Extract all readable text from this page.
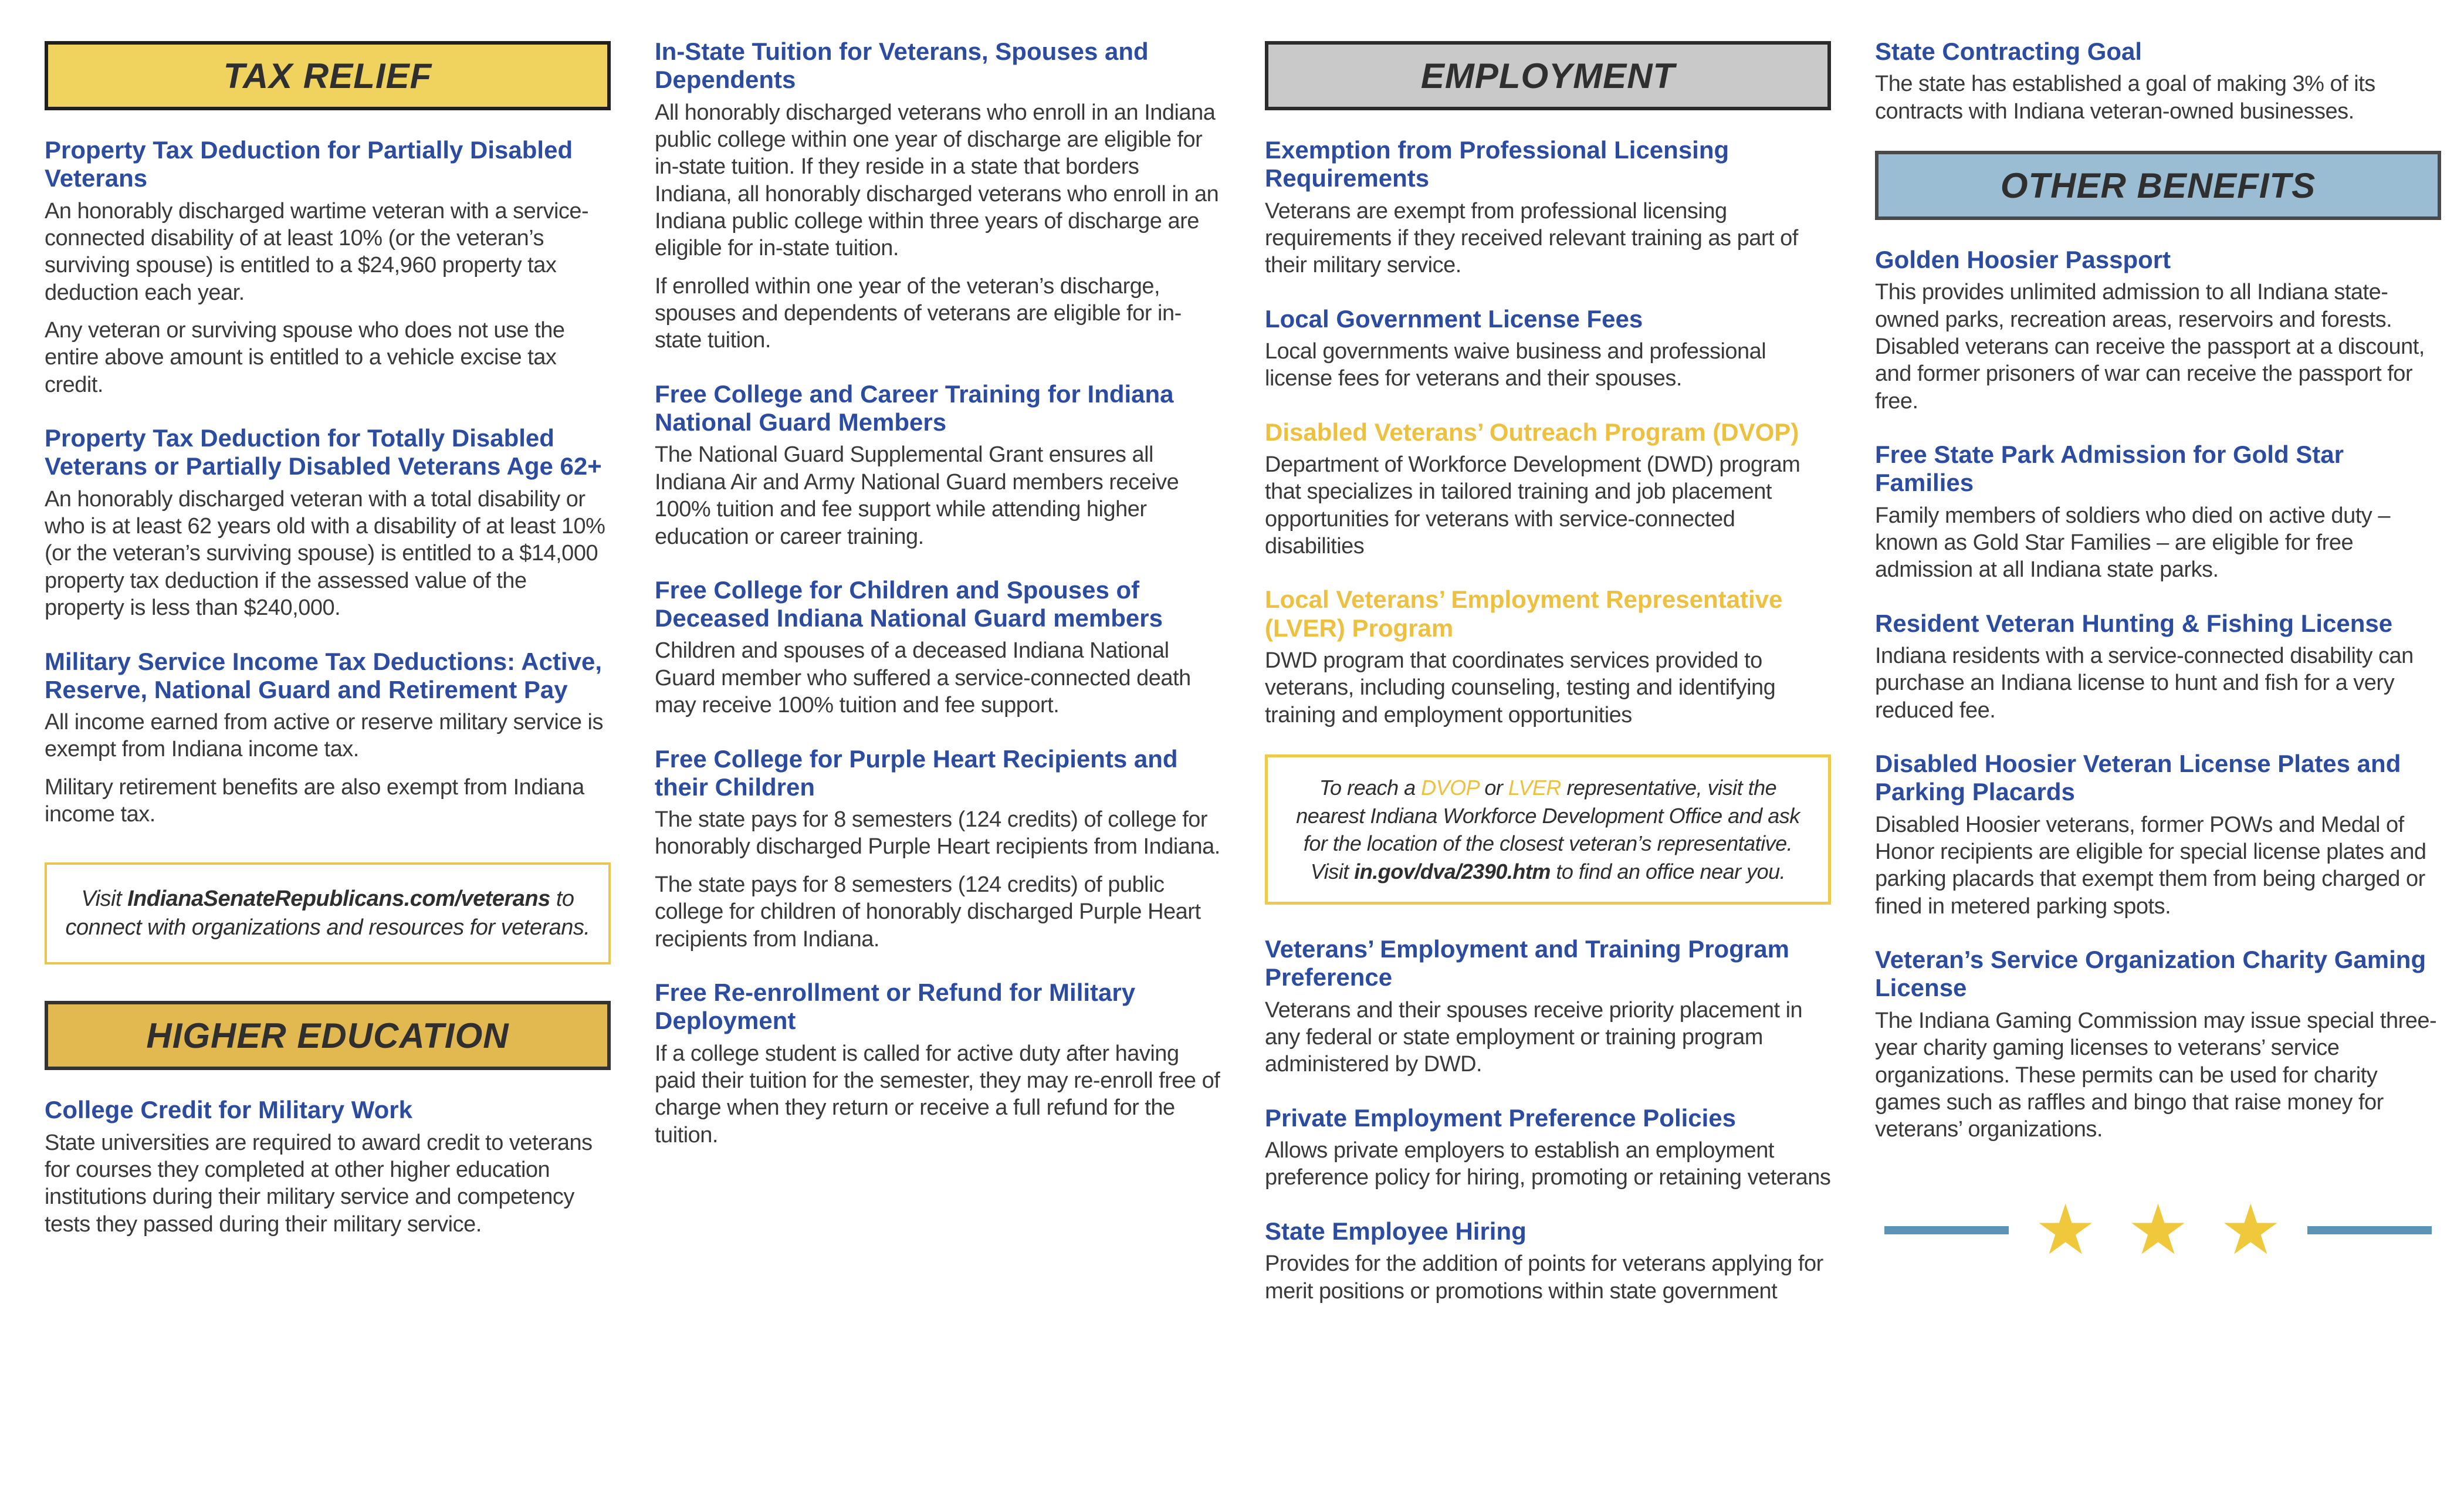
TAX RELIEF
Property Tax Deduction for Partially Disabled Veterans

An honorably discharged wartime veteran with a service-connected disability of at least 10% (or the veteran’s surviving spouse) is entitled to a $24,960 property tax deduction each year.

Any veteran or surviving spouse who does not use the entire above amount is entitled to a vehicle excise tax credit.

Property Tax Deduction for Totally Disabled Veterans or Partially Disabled Veterans Age 62+

An honorably discharged veteran with a total disability or who is at least 62 years old with a disability of at least 10% (or the veteran’s surviving spouse) is entitled to a $14,000 property tax deduction if the assessed value of the property is less than $240,000.

Military Service Income Tax Deductions: Active, Reserve, National Guard and Retirement Pay

All income earned from active or reserve military service is exempt from Indiana income tax.

Military retirement benefits are also exempt from Indiana income tax.

Visit IndianaSenateRepublicans.com/veterans to connect with organizations and resources for veterans.
HIGHER EDUCATION
College Credit for Military Work

State universities are required to award credit to veterans for courses they completed at other higher education institutions during their military service and competency tests they passed during their military service.

In-State Tuition for Veterans, Spouses and Dependents

All honorably discharged veterans who enroll in an Indiana public college within one year of discharge are eligible for in-state tuition. If they reside in a state that borders Indiana, all honorably discharged veterans who enroll in an Indiana public college within three years of discharge are eligible for in-state tuition.

If enrolled within one year of the veteran’s discharge, spouses and dependents of veterans are eligible for in-state tuition.

Free College and Career Training for Indiana National Guard Members

The National Guard Supplemental Grant ensures all Indiana Air and Army National Guard members receive 100% tuition and fee support while attending higher education or career training.

Free College for Children and Spouses of Deceased Indiana National Guard members

Children and spouses of a deceased Indiana National Guard member who suffered a service-connected death may receive 100% tuition and fee support.

Free College for Purple Heart Recipients and their Children

The state pays for 8 semesters (124 credits) of college for honorably discharged Purple Heart recipients from Indiana.

The state pays for 8 semesters (124 credits) of public college for children of honorably discharged Purple Heart recipients from Indiana.

Free Re-enrollment or Refund for Military Deployment

If a college student is called for active duty after having paid their tuition for the semester, they may re-enroll free of charge when they return or receive a full refund for the tuition.

EMPLOYMENT
Exemption from Professional Licensing Requirements

Veterans are exempt from professional licensing requirements if they received relevant training as part of their military service.

Local Government License Fees

Local governments waive business and professional license fees for veterans and their spouses.

Disabled Veterans’ Outreach Program (DVOP)

Department of Workforce Development (DWD) program that specializes in tailored training and job placement opportunities for veterans with service-connected disabilities

Local Veterans’ Employment Representative (LVER) Program

DWD program that coordinates services provided to veterans, including counseling, testing and identifying training and employment opportunities

To reach a DVOP or LVER representative, visit the nearest Indiana Workforce Development Office and ask for the location of the closest veteran’s representative. Visit in.gov/dva/2390.htm to find an office near you.
Veterans’ Employment and Training Program Preference

Veterans and their spouses receive priority placement in any federal or state employment or training program administered by DWD.

Private Employment Preference Policies

Allows private employers to establish an employment preference policy for hiring, promoting or retaining veterans

State Employee Hiring

Provides for the addition of points for veterans applying for merit positions or promotions within state government

State Contracting Goal

The state has established a goal of making 3% of its contracts with Indiana veteran-owned businesses.

OTHER BENEFITS
Golden Hoosier Passport

This provides unlimited admission to all Indiana state-owned parks, recreation areas, reservoirs and forests. Disabled veterans can receive the passport at a discount, and former prisoners of war can receive the passport for free.

Free State Park Admission for Gold Star Families

Family members of soldiers who died on active duty – known as Gold Star Families – are eligible for free admission at all Indiana state parks.

Resident Veteran Hunting & Fishing License

Indiana residents with a service-connected disability can purchase an Indiana license to hunt and fish for a very reduced fee.

Disabled Hoosier Veteran License Plates and Parking Placards

Disabled Hoosier veterans, former POWs and Medal of Honor recipients are eligible for special license plates and parking placards that exempt them from being charged or fined in metered parking spots.

Veteran’s Service Organization Charity Gaming License

The Indiana Gaming Commission may issue special three-year charity gaming licenses to veterans’ service organizations. These permits can be used for charity games such as raffles and bingo that raise money for veterans’ organizations.

★ ★ ★
